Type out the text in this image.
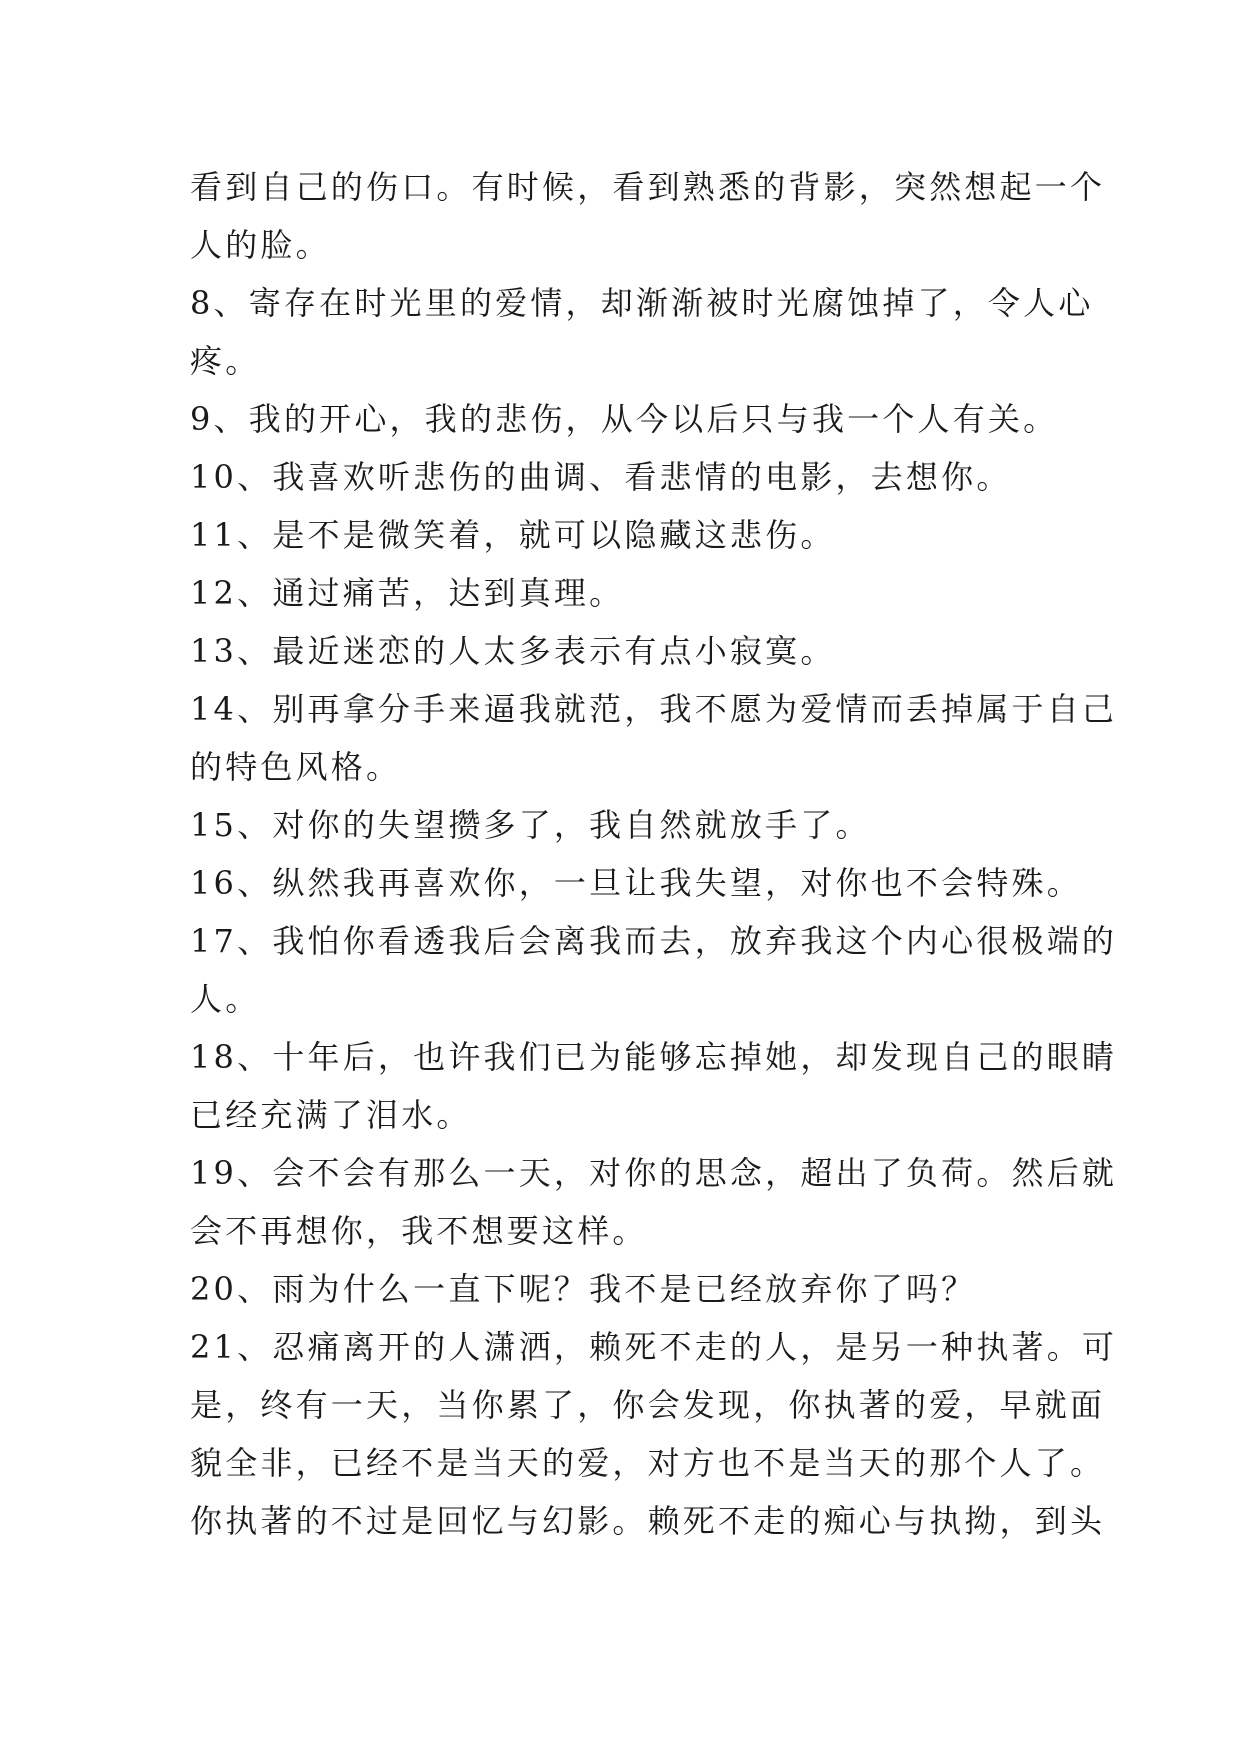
看到自己的伤口。有时候，看到熟悉的背影，突然想起一个
人的脸。
8、寄存在时光里的爱情，却渐渐被时光腐蚀掉了，令人心
疼。
9、我的开心，我的悲伤，从今以后只与我一个人有关。
10、我喜欢听悲伤的曲调、看悲情的电影，去想你。
11、是不是微笑着，就可以隐藏这悲伤。
12、通过痛苦，达到真理。
13、最近迷恋的人太多表示有点小寂寞。
14、别再拿分手来逼我就范，我不愿为爱情而丢掉属于自己
的特色风格。
15、对你的失望攒多了，我自然就放手了。
16、纵然我再喜欢你，一旦让我失望，对你也不会特殊。
17、我怕你看透我后会离我而去，放弃我这个内心很极端的
人。
18、十年后，也许我们已为能够忘掉她，却发现自己的眼睛
已经充满了泪水。
19、会不会有那么一天，对你的思念，超出了负荷。然后就
会不再想你，我不想要这样。
20、雨为什么一直下呢？我不是已经放弃你了吗？
21、忍痛离开的人潇洒，赖死不走的人，是另一种执著。可
是，终有一天，当你累了，你会发现，你执著的爱，早就面
貌全非，已经不是当天的爱，对方也不是当天的那个人了。
你执著的不过是回忆与幻影。赖死不走的痴心与执拗，到头
